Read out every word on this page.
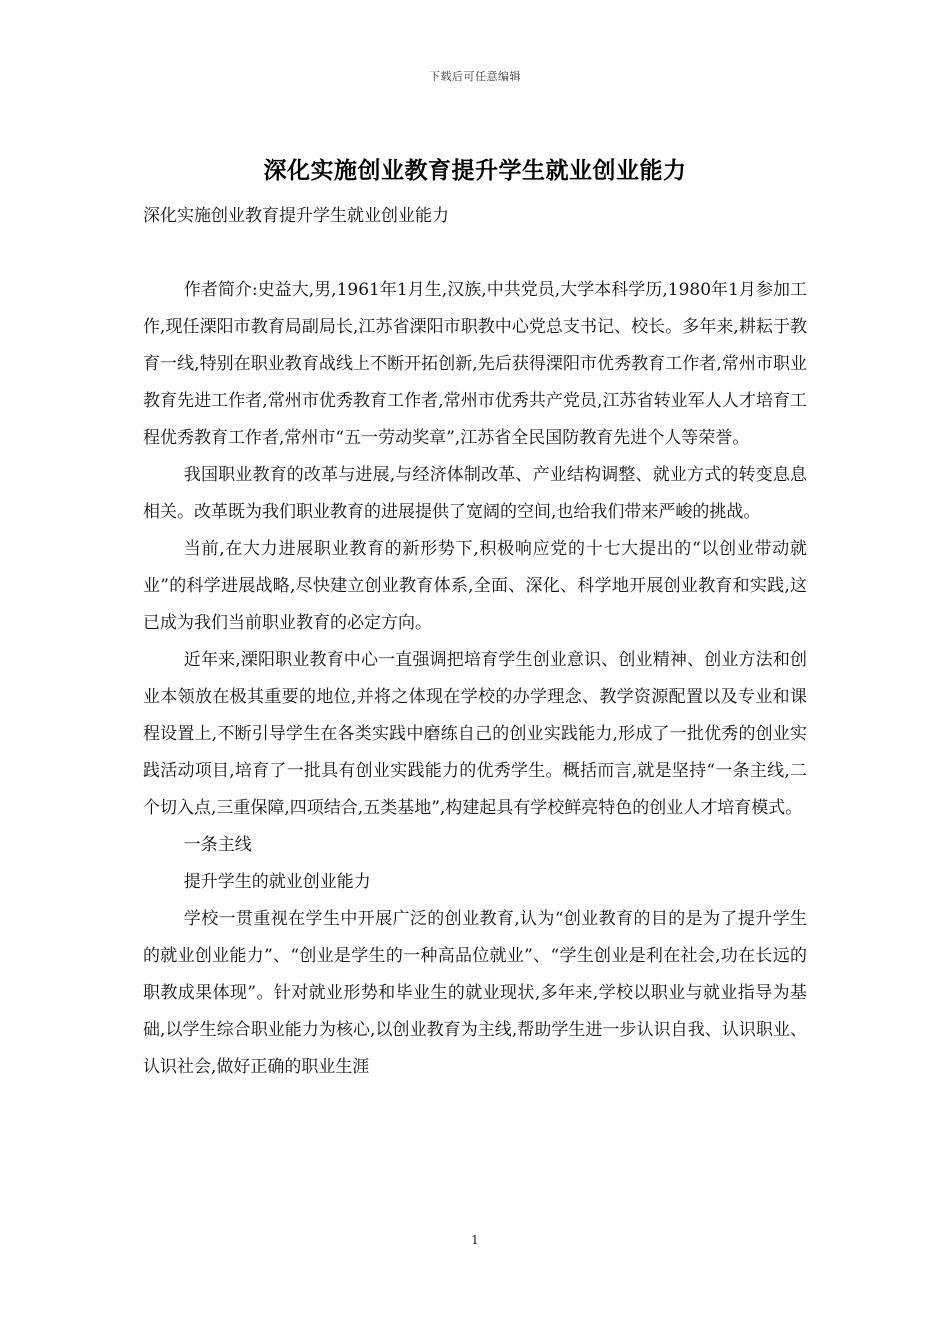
下载后可任意编辑
深化实施创业教育提升学生就业创业能力

深化实施创业教育提升学生就业创业能力

作者简介:史益大,男,1961年1月生,汉族,中共党员,大学本科学历,1980年1月参加工作,现任溧阳市教育局副局长,江苏省溧阳市职教中心党总支书记、校长。多年来,耕耘于教育一线,特别在职业教育战线上不断开拓创新,先后获得溧阳市优秀教育工作者,常州市职业教育先进工作者,常州市优秀教育工作者,常州市优秀共产党员,江苏省转业军人人才培育工程优秀教育工作者,常州市“五一劳动奖章”,江苏省全民国防教育先进个人等荣誉。

我国职业教育的改革与进展,与经济体制改革、产业结构调整、就业方式的转变息息相关。改革既为我们职业教育的进展提供了宽阔的空间,也给我们带来严峻的挑战。

当前,在大力进展职业教育的新形势下,积极响应党的十七大提出的“以创业带动就业”的科学进展战略,尽快建立创业教育体系,全面、深化、科学地开展创业教育和实践,这已成为我们当前职业教育的必定方向。

近年来,溧阳职业教育中心一直强调把培育学生创业意识、创业精神、创业方法和创业本领放在极其重要的地位,并将之体现在学校的办学理念、教学资源配置以及专业和课程设置上,不断引导学生在各类实践中磨练自己的创业实践能力,形成了一批优秀的创业实践活动项目,培育了一批具有创业实践能力的优秀学生。概括而言,就是坚持“一条主线,二个切入点,三重保障,四项结合,五类基地”,构建起具有学校鲜亮特色的创业人才培育模式。

一条主线

提升学生的就业创业能力

学校一贯重视在学生中开展广泛的创业教育,认为“创业教育的目的是为了提升学生的就业创业能力”、“创业是学生的一种高品位就业”、“学生创业是利在社会,功在长远的职教成果体现”。针对就业形势和毕业生的就业现状,多年来,学校以职业与就业指导为基础,以学生综合职业能力为核心,以创业教育为主线,帮助学生进一步认识自我、认识职业、认识社会,做好正确的职业生涯

1
